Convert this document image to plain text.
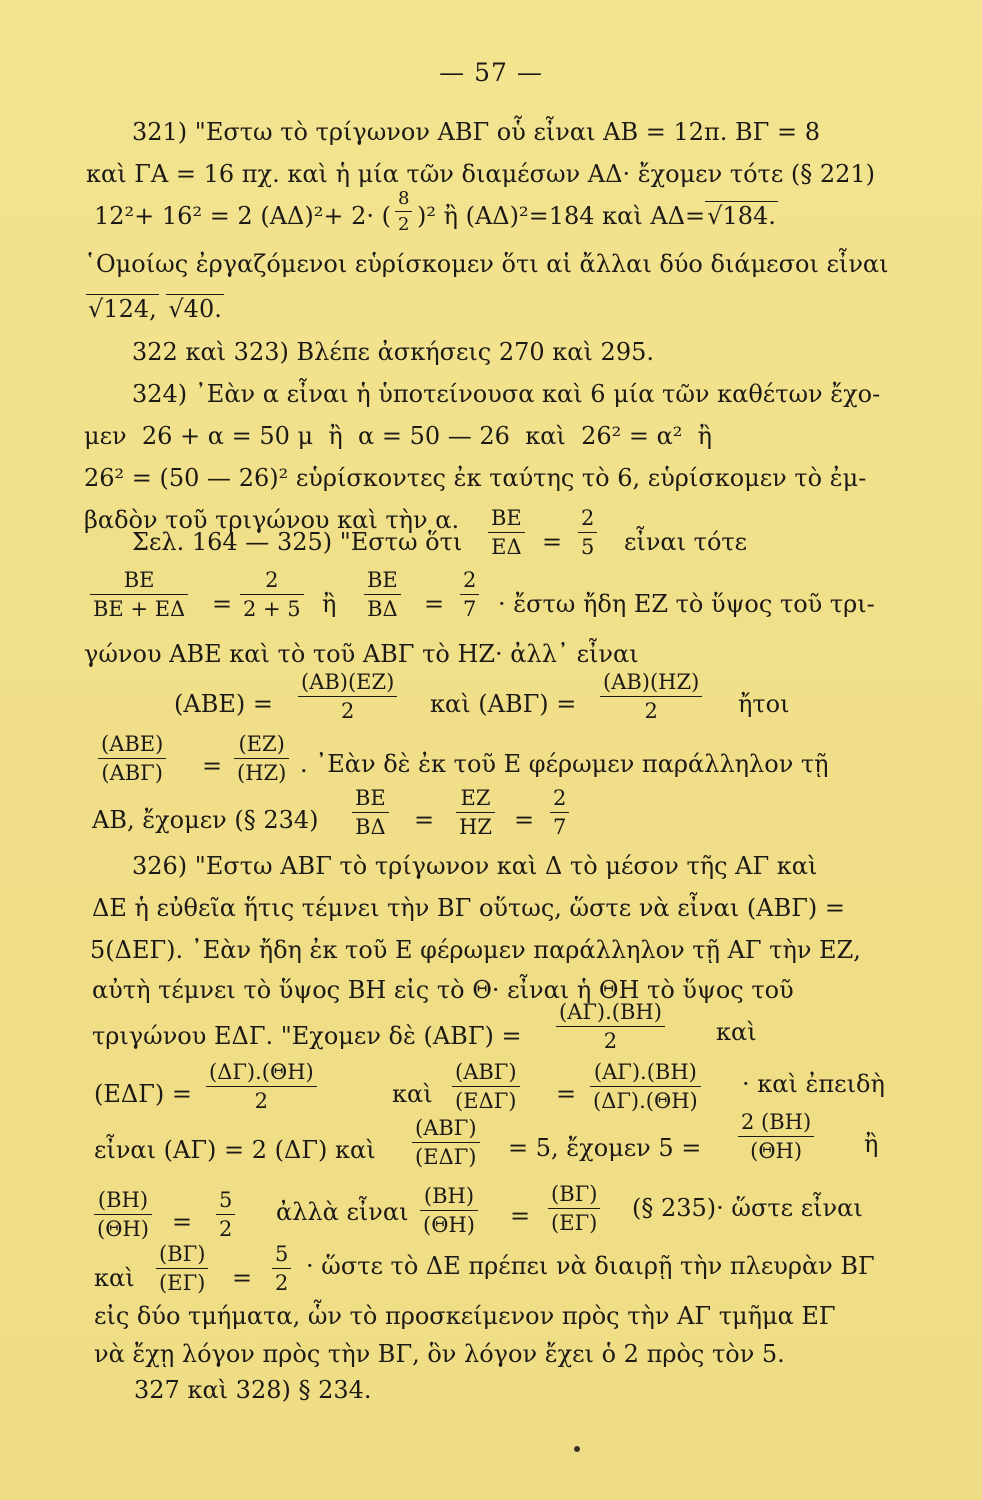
— 57 —
321) "Εστω τὸ τρίγωνον ΑΒΓ οὗ εἶναι ΑΒ = 12π. ΒΓ = 8
καὶ ΓΑ = 16 πχ. καὶ ἡ μία τῶν διαμέσων ΑΔ· ἔχομεν τότε (§ 221)
12²+ 16² = 2 (ΑΔ)²+ 2· ( )² ἢ (ΑΔ)²=184 καὶ ΑΔ= √ 184.
$\frac{8}{2}$
῾Ομοίως ἐργαζόμενοι εὑρίσκομεν ὅτι αἱ ἄλλαι δύο διάμεσοι εἶναι
√ 124, √ 40.
322 καὶ 323) Βλέπε ἀσκήσεις 270 καὶ 295.
324) ᾿Εὰν α εἶναι ἡ ὑποτείνουσα καὶ 6 μία τῶν καθέτων ἔχο-
μεν  26 + α = 50 μ  ἢ  α = 50 — 26  καὶ  26² = α²  ἢ
26² = (50 — 26)² εὑρίσκοντες ἐκ ταύτης τὸ 6, εὑρίσκομεν τὸ ἐμ-
βαδὸν τοῦ τριγώνου καὶ τὴν α.
Σελ. 164 — 325) "Εστω ὅτι $\frac{BE}{E\Delta} = \frac{2}{5}$ εἶναι τότε
$\frac{BE}{BE + E\Delta} = \frac{2}{2 + 5}$ ἢ $\frac{BE}{B\Delta} = \frac{2}{7}$ · ἔστω ἤδη ΕΖ τὸ ὕψος τοῦ τρι-
γώνου ΑΒΕ καὶ τὸ τοῦ ΑΒΓ τὸ ΗΖ· ἀλλ᾿ εἶναι
$(ABE) = \frac{(AB)(EZ)}{2}$ καὶ $(AB\Gamma) = \frac{(AB)(HZ)}{2}$ ἤτοι
(ΑΒΕ)
$(AB\Gamma) = \frac{(EZ)}{(HZ)}$ . ᾿Εὰν δὲ ἐκ τοῦ Ε φέρωμεν παράλληλον τῇ
ΑΒ, ἔχομεν (§ $234) \frac{BE}{B\Delta} = \frac{EZ}{HZ} = \frac{2}{7}$
326) "Εστω ΑΒΓ τὸ τρίγωνον καὶ Δ τὸ μέσον τῆς ΑΓ καὶ
ΔΕ ἡ εὐθεῖα ἥτις τέμνει τὴν ΒΓ οὕτως, ὥστε νὰ εἶναι (ΑΒΓ) =
5(ΔΕΓ). ᾿Εὰν ἤδη ἐκ τοῦ Ε φέρωμεν παράλληλον τῇ ΑΓ τὴν ΕΖ,
αὐτὴ τέμνει τὸ ὕψος ΒΗ εἰς τὸ Θ· εἶναι ἡ ΘΗ τὸ ὕψος τοῦ
τριγώνου ΕΔΓ. "Εχομεν δὲ $(AB\Gamma) = \frac{(A\Gamma).(BH)}{2}$ καὶ
$(E\Delta\Gamma) = \frac{(\Delta\Gamma).(\Theta H)}{2}$	καὶ
(ΑΒΓ)
$(E\Delta\Gamma) = \frac{(A\Gamma).(BH)}{(\Delta\Gamma).(\Theta H)}$ · καὶ ἐπειδὴ
εἶναι (ΑΓ) = 2 (ΔΓ) καὶ
(ΑΒΓ)
(ΕΔΓ) = 5, ἔχομεν $5 = \frac{2 (BH)}{(\Theta H)}$ ἢ
$\frac{(BH)}{(\Theta H)} = \frac{5}{2}$ ἀλλὰ εἶναι $\frac{(BH)}{(\Theta H)} = \frac{(B\Gamma)}{(E\Gamma)}$ (§ 235)· ὥστε εἶναι
καὶ $\frac{(B\Gamma)}{(E\Gamma)} = \frac{5}{2}$ · ὥστε τὸ ΔΕ πρέπει νὰ διαιρῇ τὴν πλευρὰν ΒΓ
εἰς δύο τμήματα, ὧν τὸ προσκείμενον πρὸς τὴν ΑΓ τμῆμα ΕΓ
νὰ ἔχῃ λόγον πρὸς τὴν ΒΓ, ὃν λόγον ἔχει ὁ 2 πρὸς τὸν 5.
327 καὶ 328) § 234.
